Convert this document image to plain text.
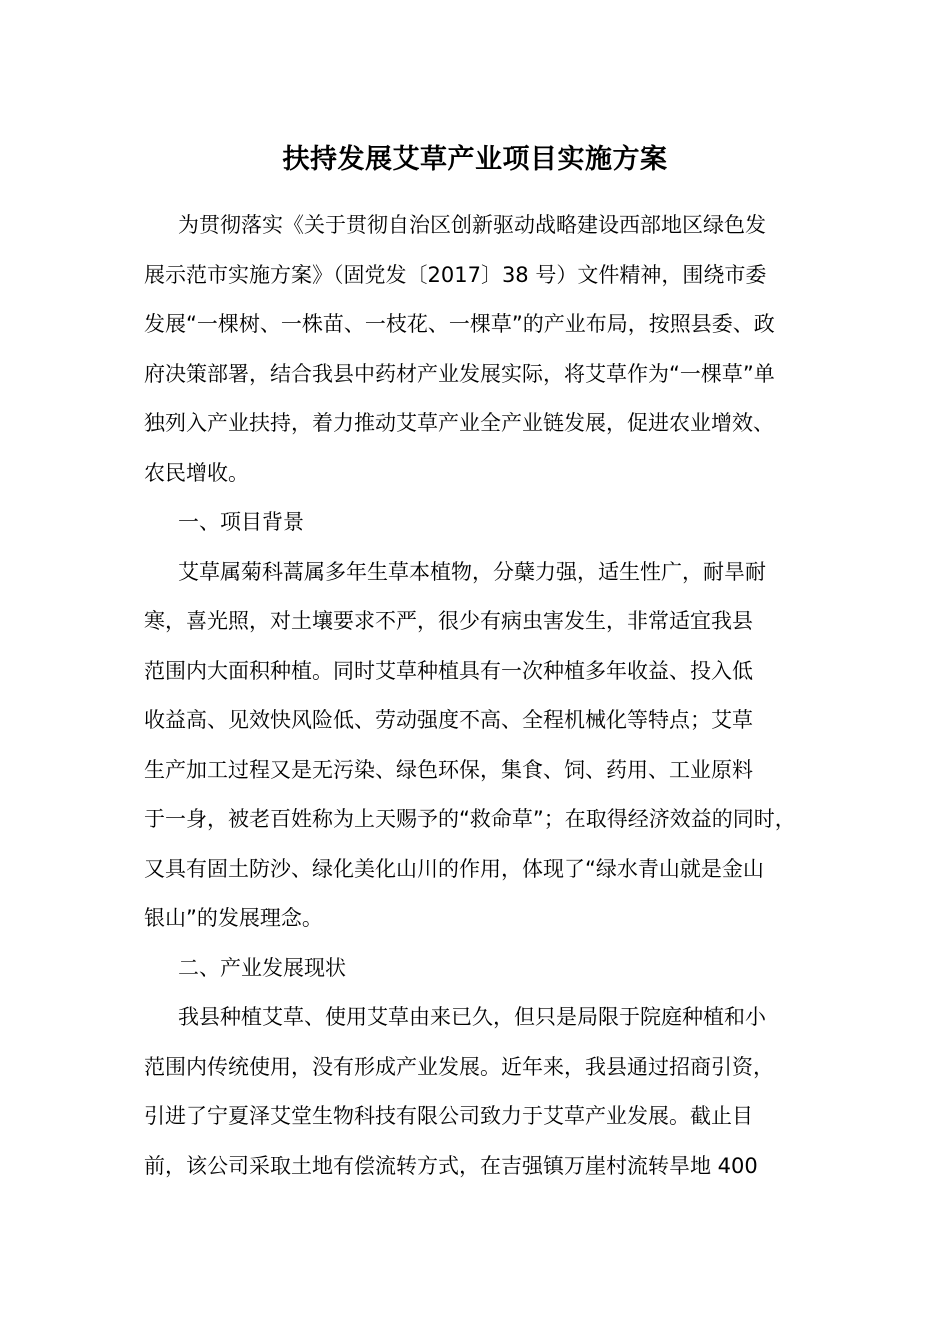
扶持发展艾草产业项目实施方案
为贯彻落实《关于贯彻自治区创新驱动战略建设西部地区绿色发
展示范市实施方案》（固党发〔2017〕38 号）文件精神，围绕市委
发展“一棵树、一株苗、一枝花、一棵草”的产业布局，按照县委、政
府决策部署，结合我县中药材产业发展实际，将艾草作为“一棵草”单
独列入产业扶持，着力推动艾草产业全产业链发展，促进农业增效、
农民增收。
一、项目背景
艾草属菊科蒿属多年生草本植物，分蘖力强，适生性广，耐旱耐
寒，喜光照，对土壤要求不严，很少有病虫害发生，非常适宜我县
范围内大面积种植。同时艾草种植具有一次种植多年收益、投入低
收益高、见效快风险低、劳动强度不高、全程机械化等特点；艾草
生产加工过程又是无污染、绿色环保，集食、饲、药用、工业原料
于一身，被老百姓称为上天赐予的“救命草”；在取得经济效益的同时，
又具有固土防沙、绿化美化山川的作用，体现了“绿水青山就是金山
银山”的发展理念。
二、产业发展现状
我县种植艾草、使用艾草由来已久，但只是局限于院庭种植和小
范围内传统使用，没有形成产业发展。近年来，我县通过招商引资，
引进了宁夏泽艾堂生物科技有限公司致力于艾草产业发展。截止目
前，该公司采取土地有偿流转方式，在吉强镇万崖村流转旱地 400
